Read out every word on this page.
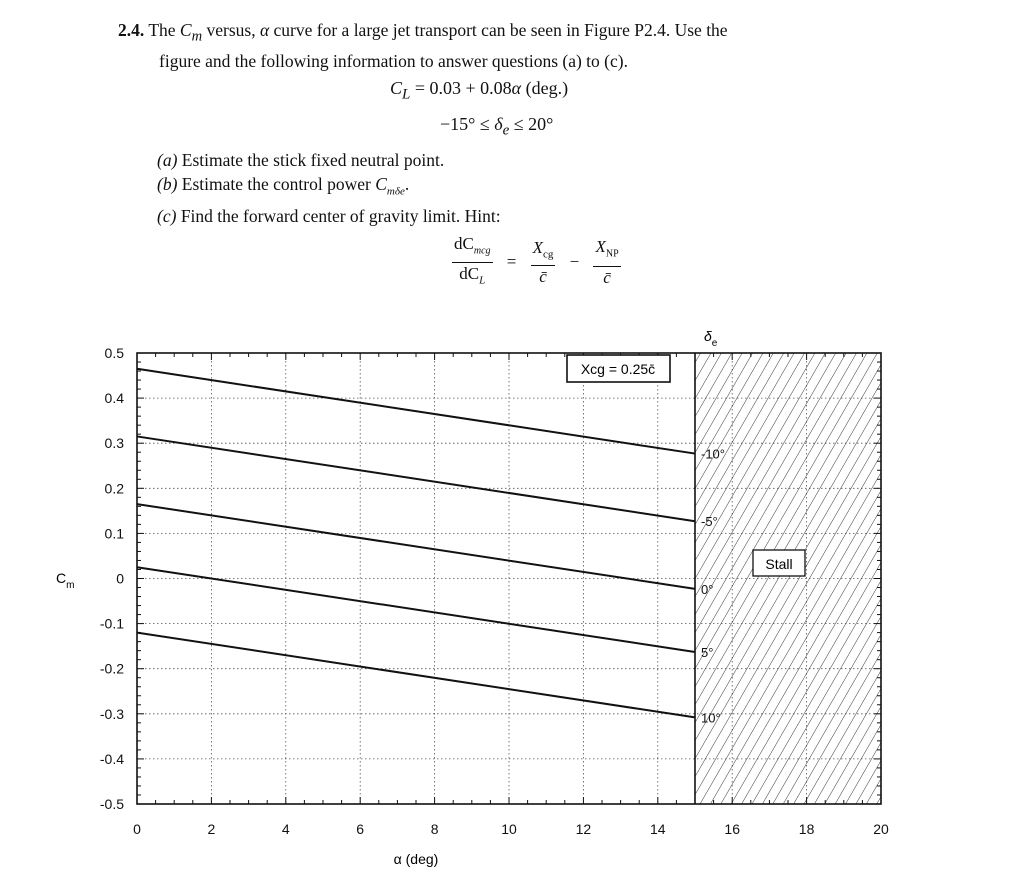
2.4. The $C_m$ versus, α curve for a large jet transport can be seen in Figure P2.4. Use the

figure and the following information to answer questions (a) to (c).

$C_L = 0.03 + 0.08\alpha$ (deg.)
$-15^\circ \le \delta_e \le 20^\circ$
(a) Estimate the stick fixed neutral point.
(b) Estimate the control power $C_{m\delta e}$.
(c) Find the forward center of gravity limit. Hint:
$\frac{dC_{mcg}}{dC_L} = \frac{X_{cg}}{c̄} - \frac{X_{NP}}{c̄}$
-10°
-5°
0°
5°
10°
0	2	4	6	8	10	12	14	16	18	20
0.5
0.4
0.3
0.2
0.1
0
-0.1
-0.2
-0.3
-0.4
-0.5
$C_m$
α (deg)
Xcg = 0.25c̄
Stall
$\delta_e$
